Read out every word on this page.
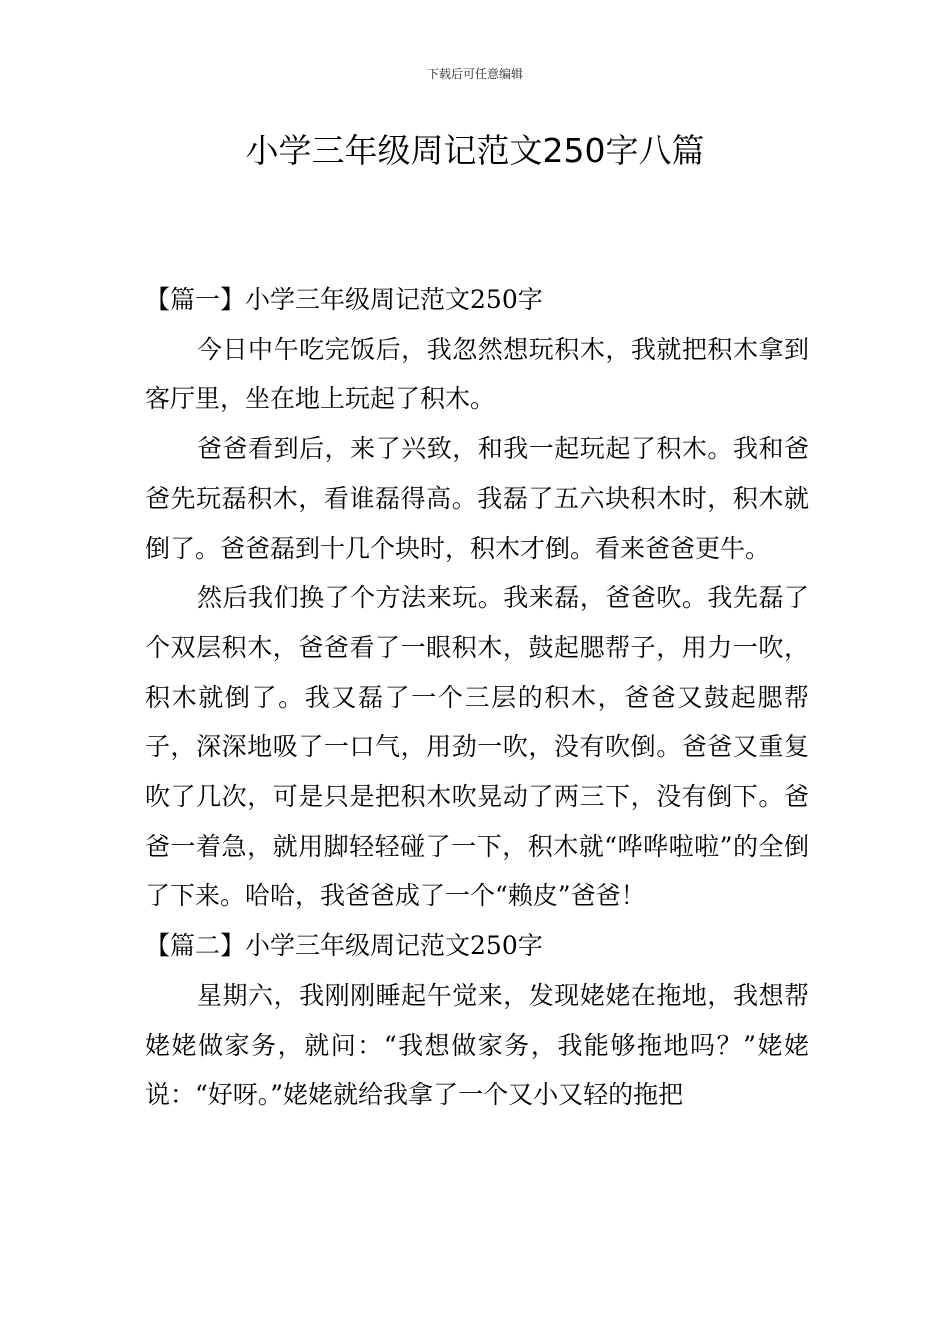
下载后可任意编辑
小学三年级周记范文250字八篇

【篇一】小学三年级周记范文250字

今日中午吃完饭后，我忽然想玩积木，我就把积木拿到客厅里，坐在地上玩起了积木。

爸爸看到后，来了兴致，和我一起玩起了积木。我和爸爸先玩磊积木，看谁磊得高。我磊了五六块积木时，积木就倒了。爸爸磊到十几个块时，积木才倒。看来爸爸更牛。

然后我们换了个方法来玩。我来磊，爸爸吹。我先磊了个双层积木，爸爸看了一眼积木，鼓起腮帮子，用力一吹，积木就倒了。我又磊了一个三层的积木，爸爸又鼓起腮帮子，深深地吸了一口气，用劲一吹，没有吹倒。爸爸又重复吹了几次，可是只是把积木吹晃动了两三下，没有倒下。爸爸一着急，就用脚轻轻碰了一下，积木就“哗哗啦啦”的全倒了下来。哈哈，我爸爸成了一个“赖皮”爸爸！

【篇二】小学三年级周记范文250字

星期六，我刚刚睡起午觉来，发现姥姥在拖地，我想帮姥姥做家务，就问：“我想做家务，我能够拖地吗？”姥姥说：“好呀。”姥姥就给我拿了一个又小又轻的拖把
